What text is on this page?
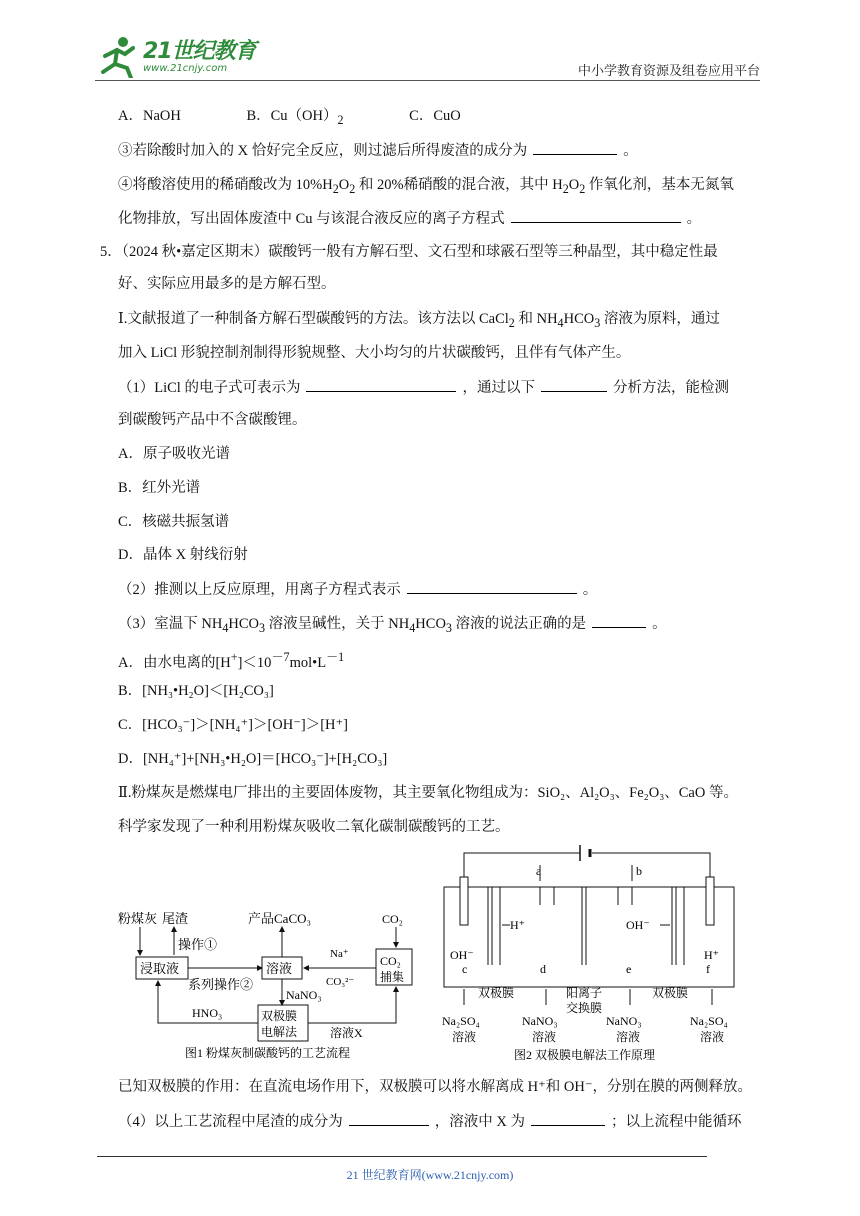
21世纪教育
www.21cnjy.com	中小学教育资源及组卷应用平台
A．NaOH	B．$Cu(OH)_2$	C．CuO
③若除酸时加入的 X 恰好完全反应，则过滤后所得废渣的成分为	。
④将酸溶使用的稀硝酸改为 $10\%H_2O_2$ 和 20%稀硝酸的混合液，其中 $H_2O_2$ 作氧化剂，基本无氮氧
化物排放，写出固体废渣中 Cu 与该混合液反应的离子方程式	。
5．（2024 秋•嘉定区期末）碳酸钙一般有方解石型、文石型和球霰石型等三种晶型，其中稳定性最
好、实际应用最多的是方解石型。
Ⅰ.文献报道了一种制备方解石型碳酸钙的方法。该方法以 CaCl$_2$ 和 $NH_4HCO_3$ 溶液为原料，通过
加入 LiCl 形貌控制剂制得形貌规整、大小均匀的片状碳酸钙，且伴有气体产生。
（1）LiCl 的电子式可表示为	，通过以下	分析方法，能检测
到碳酸钙产品中不含碳酸锂。
A．原子吸收光谱
B．红外光谱
C．核磁共振氢谱
D．晶体 X 射线衍射
（2）推测以上反应原理，用离子方程式表示	。
（3）室温下 $NH_4HCO_3$ 溶液呈碱性，关于 $NH_4HCO_3$ 溶液的说法正确的是	。
A．由水电离的$[H^+]<10^{-7}mol•L^{-1}$
B．[NH₃•H₂O]＜[H₂CO₃]
C．[HCO₃⁻]＞[NH₄⁺]＞[OH⁻]＞[H⁺]
D．[NH₄⁺]+[NH₃•H₂O]＝[HCO₃⁻]+[H₂CO₃]
Ⅱ.粉煤灰是燃煤电厂排出的主要固体废物，其主要氧化物组成为：SiO₂、Al₂O₃、Fe₂O₃、CaO 等。
科学家发现了一种利用粉煤灰吸收二氧化碳制碳酸钙的工艺。
粉煤灰 尾渣
操作①
浸取液
系列操作②
产品CaCO₃
溶液
Na⁺
CO₃²⁻
NaNO₃
CO₂
CO₂
捕集
双极膜
电解法
HNO₃
溶液X
图1 粉煤灰制碳酸钙的工艺流程
a	b
H⁺	OH⁻
OH⁻	H⁺
c	d	e	f
双极膜	阳离子
交换膜
双极膜
Na₂SO₄
溶液
NaNO₃
溶液
NaNO₃
溶液
Na₂SO₄
溶液
图2 双极膜电解法工作原理
已知双极膜的作用：在直流电场作用下，双极膜可以将水解离成 H⁺和 OH⁻，分别在膜的两侧释放。
（4）以上工艺流程中尾渣的成分为	，溶液中 X 为	；以上流程中能循环
21 世纪教育网(www.21cnjy.com)
